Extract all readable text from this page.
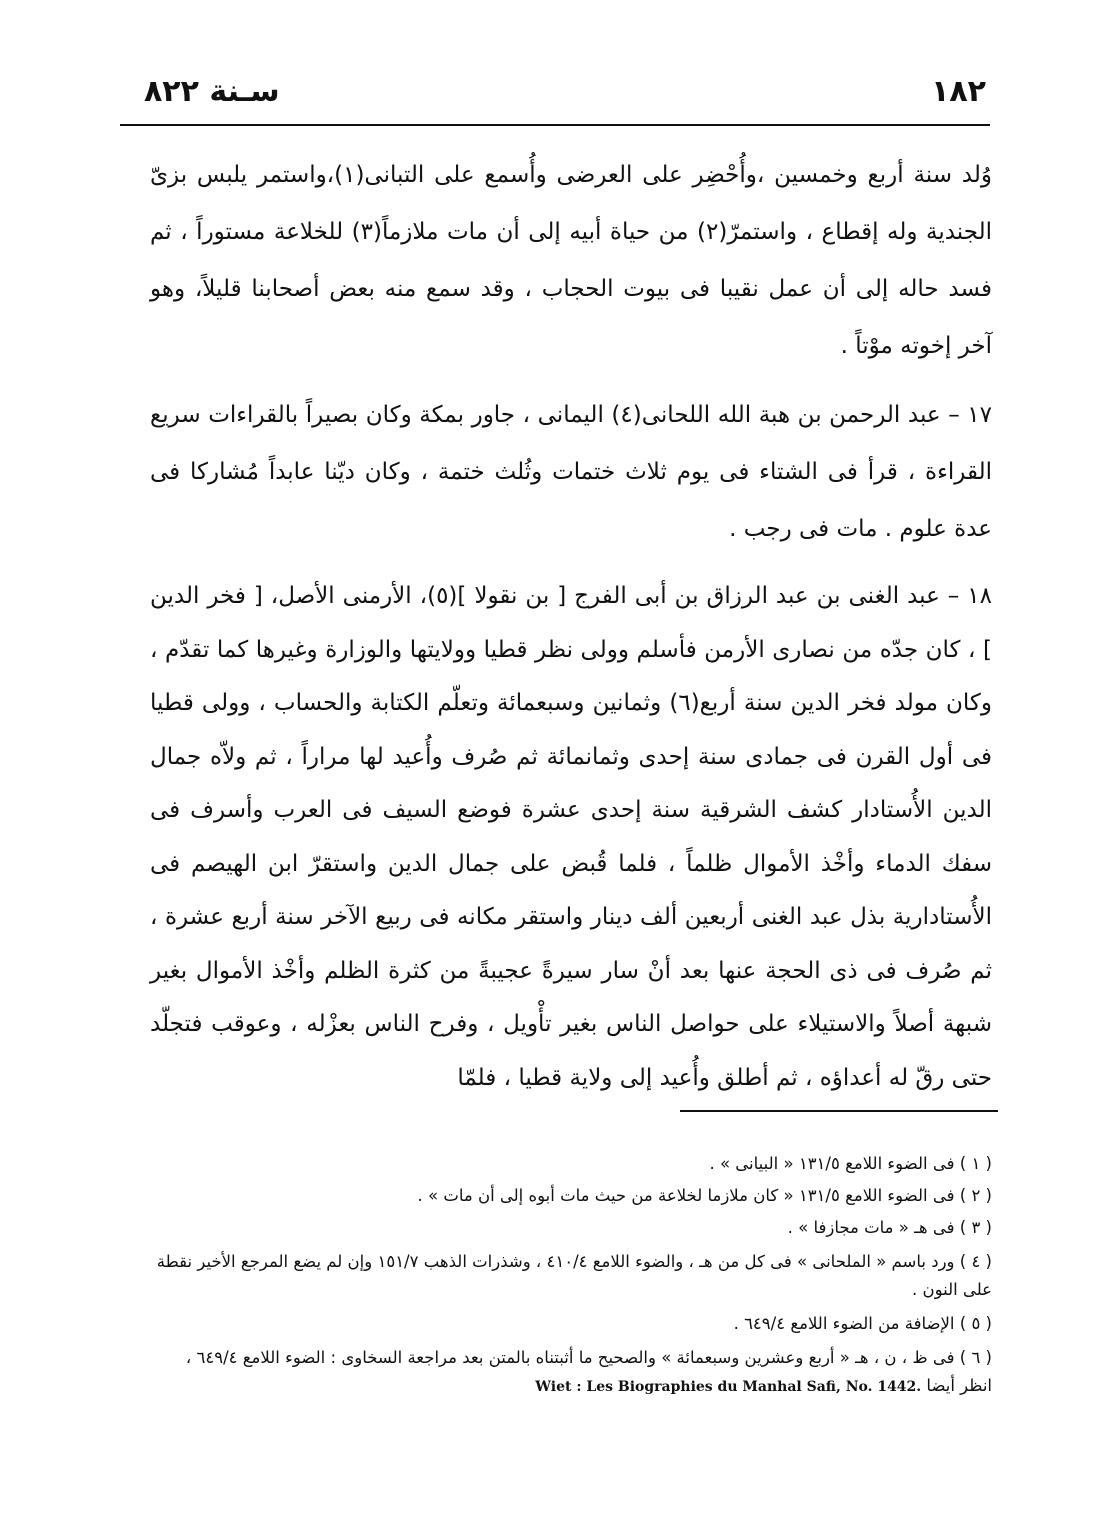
١٨٢
سـنة ٨٢٢

وُلد سنة أربع وخمسين ،وأُحْضِر على العرضى وأُسمع على التبانى(١)،واستمر يلبس بزىّ الجندية وله إقطاع ، واستمرّ(٢) من حياة أبيه إلى أن مات ملازماً(٣) للخلاعة مستوراً ، ثم فسد حاله إلى أن عمل نقيبا فى بيوت الحجاب ، وقد سمع منه بعض أصحابنا قليلاً، وهو آخر إخوته موْتاً .

١٧ – عبد الرحمن بن هبة الله اللحانى(٤) اليمانى ، جاور بمكة وكان بصيراً بالقراءات سريع القراءة ، قرأ فى الشتاء فى يوم ثلاث ختمات وثُلث ختمة ، وكان ديّنا عابداً مُشاركا فى عدة علوم . مات فى رجب .

١٨ – عبد الغنى بن عبد الرزاق بن أبى الفرج [ بن نقولا ](٥)، الأرمنى الأصل، [ فخر الدين ] ، كان جدّه من نصارى الأرمن فأسلم وولى نظر قطيا وولايتها والوزارة وغيرها كما تقدّم ، وكان مولد فخر الدين سنة أربع(٦) وثمانين وسبعمائة وتعلّم الكتابة والحساب ، وولى قطيا فى أول القرن فى جمادى سنة إحدى وثمانمائة ثم صُرف وأُعيد لها مراراً ، ثم ولاّه جمال الدين الأُستادار كشف الشرقية سنة إحدى عشرة فوضع السيف فى العرب وأسرف فى سفك الدماء وأخْذ الأموال ظلماً ، فلما قُبض على جمال الدين واستقرّ ابن الهيصم فى الأُستادارية بذل عبد الغنى أربعين ألف دينار واستقر مكانه فى ربيع الآخر سنة أربع عشرة ، ثم صُرف فى ذى الحجة عنها بعد أنْ سار سيرةً عجيبةً من كثرة الظلم وأخْذ الأموال بغير شبهة أصلاً والاستيلاء على حواصل الناس بغير تأْويل ، وفرح الناس بعزْله ، وعوقب فتجلّد حتى رقّ له أعداؤه ، ثم أطلق وأُعيد إلى ولاية قطيا ، فلمّا

( ١ ) فى الضوء اللامع ١٣١/٥ « البيانى » .

( ٢ ) فى الضوء اللامع ١٣١/٥ « كان ملازما لخلاعة من حيث مات أبوه إلى أن مات » .

( ٣ ) فى هـ « مات مجازفا » .

( ٤ ) ورد باسم « الملحانى » فى كل من هـ ، والضوء اللامع ٤١٠/٤ ، وشذرات الذهب ١٥١/٧ وإن لم يضع المرجع الأخير نقطة على النون .

( ٥ ) الإضافة من الضوء اللامع ٦٤٩/٤ .

( ٦ ) فى ظ ، ن ، هـ « أربع وعشرين وسبعمائة » والصحيح ما أثبتناه بالمتن بعد مراجعة السخاوى : الضوء اللامع ٦٤٩/٤ ، انظر أيضا Wiet : Les Biographies du Manhal Safi, No. 1442.
